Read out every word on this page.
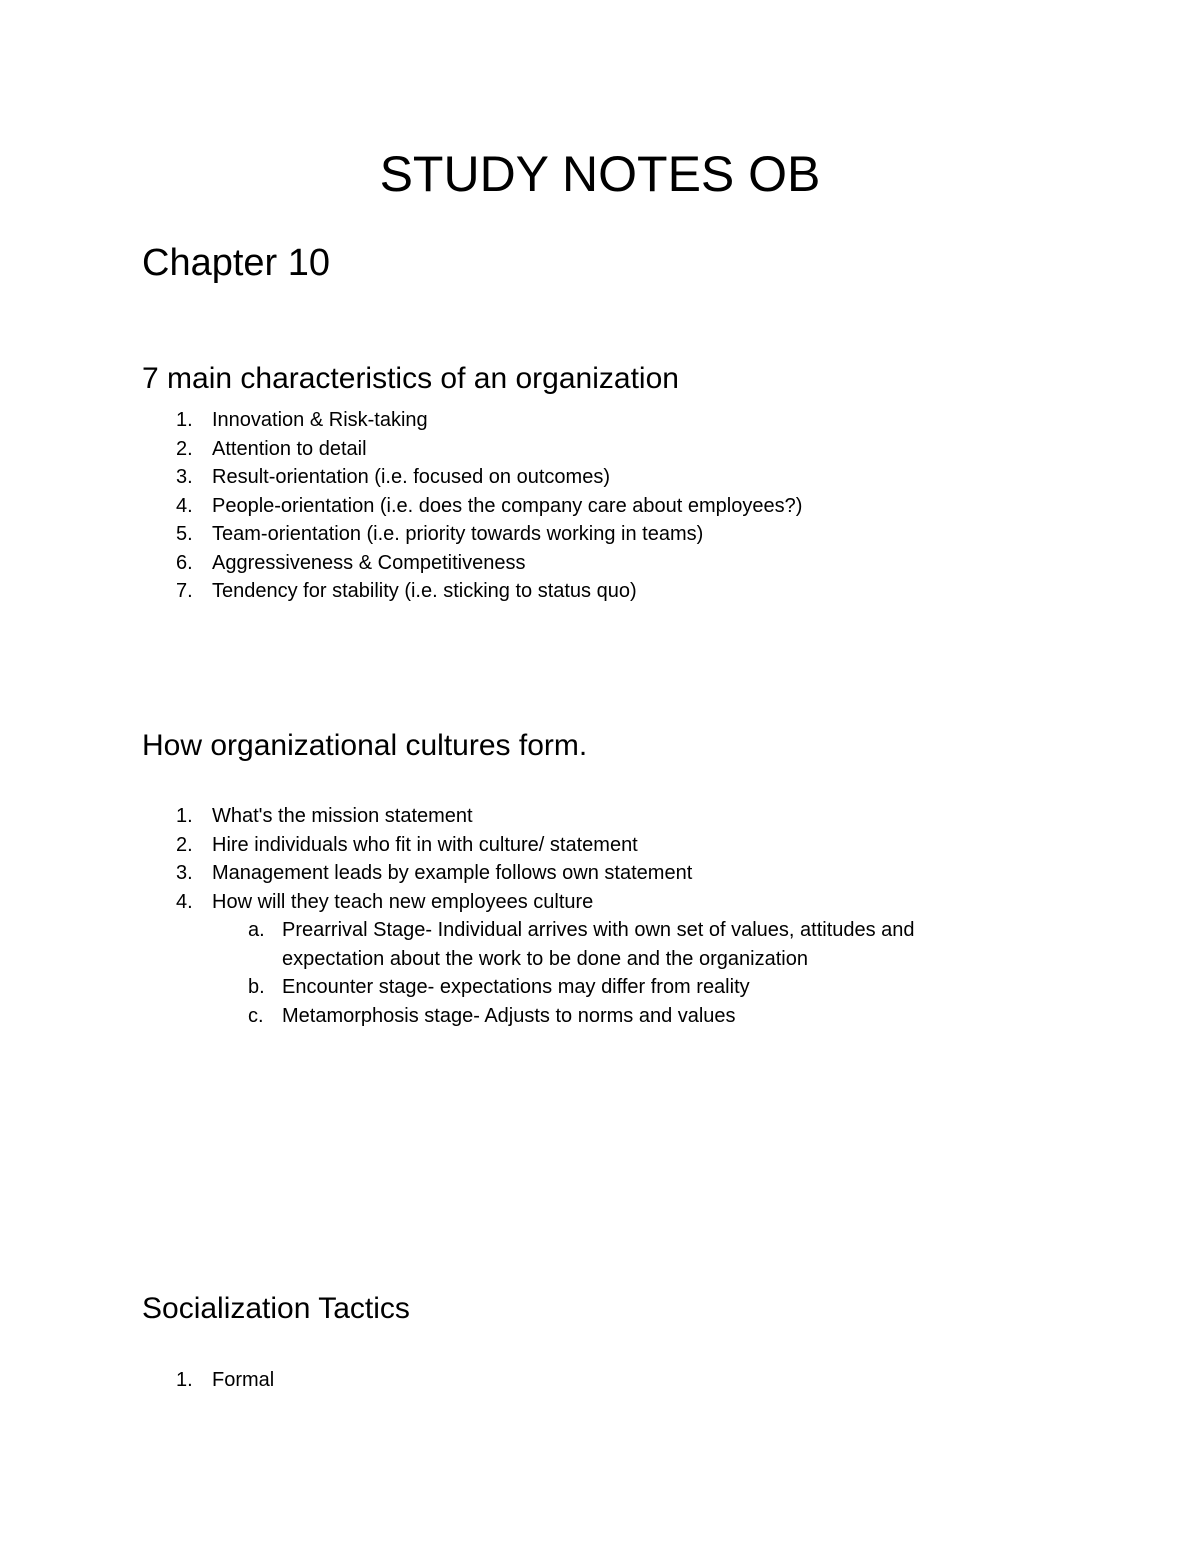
STUDY NOTES OB
Chapter 10
7 main characteristics of an organization
1. Innovation & Risk-taking
2. Attention to detail
3. Result-orientation (i.e. focused on outcomes)
4. People-orientation (i.e. does the company care about employees?)
5. Team-orientation (i.e. priority towards working in teams)
6. Aggressiveness & Competitiveness
7. Tendency for stability (i.e. sticking to status quo)
How organizational cultures form.
1. What's the mission statement
2. Hire individuals who fit in with culture/ statement
3. Management leads by example follows own statement
4. How will they teach new employees culture
a. Prearrival Stage- Individual arrives with own set of values, attitudes and expectation about the work to be done and the organization
b. Encounter stage- expectations may differ from reality
c. Metamorphosis stage- Adjusts to norms and values
Socialization Tactics
1. Formal
